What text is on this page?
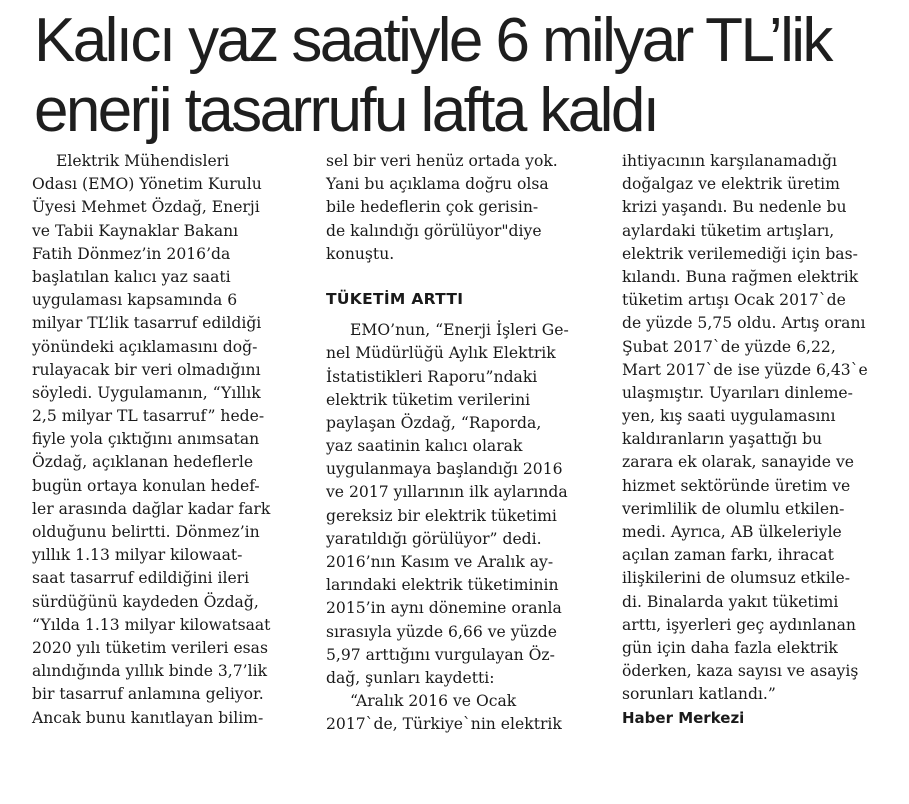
Kalıcı yaz saatiyle 6 milyar TL’lik
enerji tasarrufu lafta kaldı
Elektrik Mühendisleri
Odası (EMO) Yönetim Kurulu
Üyesi Mehmet Özdağ, Enerji
ve Tabii Kaynaklar Bakanı
Fatih Dönmez’in 2016’da
başlatılan kalıcı yaz saati
uygulaması kapsamında 6
milyar TL’lik tasarruf edildiği
yönündeki açıklamasını doğ-
rulayacak bir veri olmadığını
söyledi. Uygulamanın, “Yıllık
2,5 milyar TL tasarruf” hede-
fiyle yola çıktığını anımsatan
Özdağ, açıklanan hedeflerle
bugün ortaya konulan hedef-
ler arasında dağlar kadar fark
olduğunu belirtti. Dönmez’in
yıllık 1.13 milyar kilowaat-
saat tasarruf edildiğini ileri
sürdüğünü kaydeden Özdağ,
“Yılda 1.13 milyar kilowatsaat
2020 yılı tüketim verileri esas
alındığında yıllık binde 3,7’lik
bir tasarruf anlamına geliyor.
Ancak bunu kanıtlayan bilim-
sel bir veri henüz ortada yok.
Yani bu açıklama doğru olsa
bile hedeflerin çok gerisin-
de kalındığı görülüyor"diye
konuştu.
TÜKETİM ARTTI
EMO’nun, “Enerji İşleri Ge-
nel Müdürlüğü Aylık Elektrik
İstatistikleri Raporu”ndaki
elektrik tüketim verilerini
paylaşan Özdağ, “Raporda,
yaz saatinin kalıcı olarak
uygulanmaya başlandığı 2016
ve 2017 yıllarının ilk aylarında
gereksiz bir elektrik tüketimi
yaratıldığı görülüyor” dedi.
2016’nın Kasım ve Aralık ay-
larındaki elektrik tüketiminin
2015’in aynı dönemine oranla
sırasıyla yüzde 6,66 ve yüzde
5,97 arttığını vurgulayan Öz-
dağ, şunları kaydetti:
“Aralık 2016 ve Ocak
2017`de, Türkiye`nin elektrik
ihtiyacının karşılanamadığı
doğalgaz ve elektrik üretim
krizi yaşandı. Bu nedenle bu
aylardaki tüketim artışları,
elektrik verilemediği için bas-
kılandı. Buna rağmen elektrik
tüketim artışı Ocak 2017`de
de yüzde 5,75 oldu. Artış oranı
Şubat 2017`de yüzde 6,22,
Mart 2017`de ise yüzde 6,43`e
ulaşmıştır. Uyarıları dinleme-
yen, kış saati uygulamasını
kaldıranların yaşattığı bu
zarara ek olarak, sanayide ve
hizmet sektöründe üretim ve
verimlilik de olumlu etkilen-
medi. Ayrıca, AB ülkeleriyle
açılan zaman farkı, ihracat
ilişkilerini de olumsuz etkile-
di. Binalarda yakıt tüketimi
arttı, işyerleri geç aydınlanan
gün için daha fazla elektrik
öderken, kaza sayısı ve asayiş
sorunları katlandı.”
Haber Merkezi
